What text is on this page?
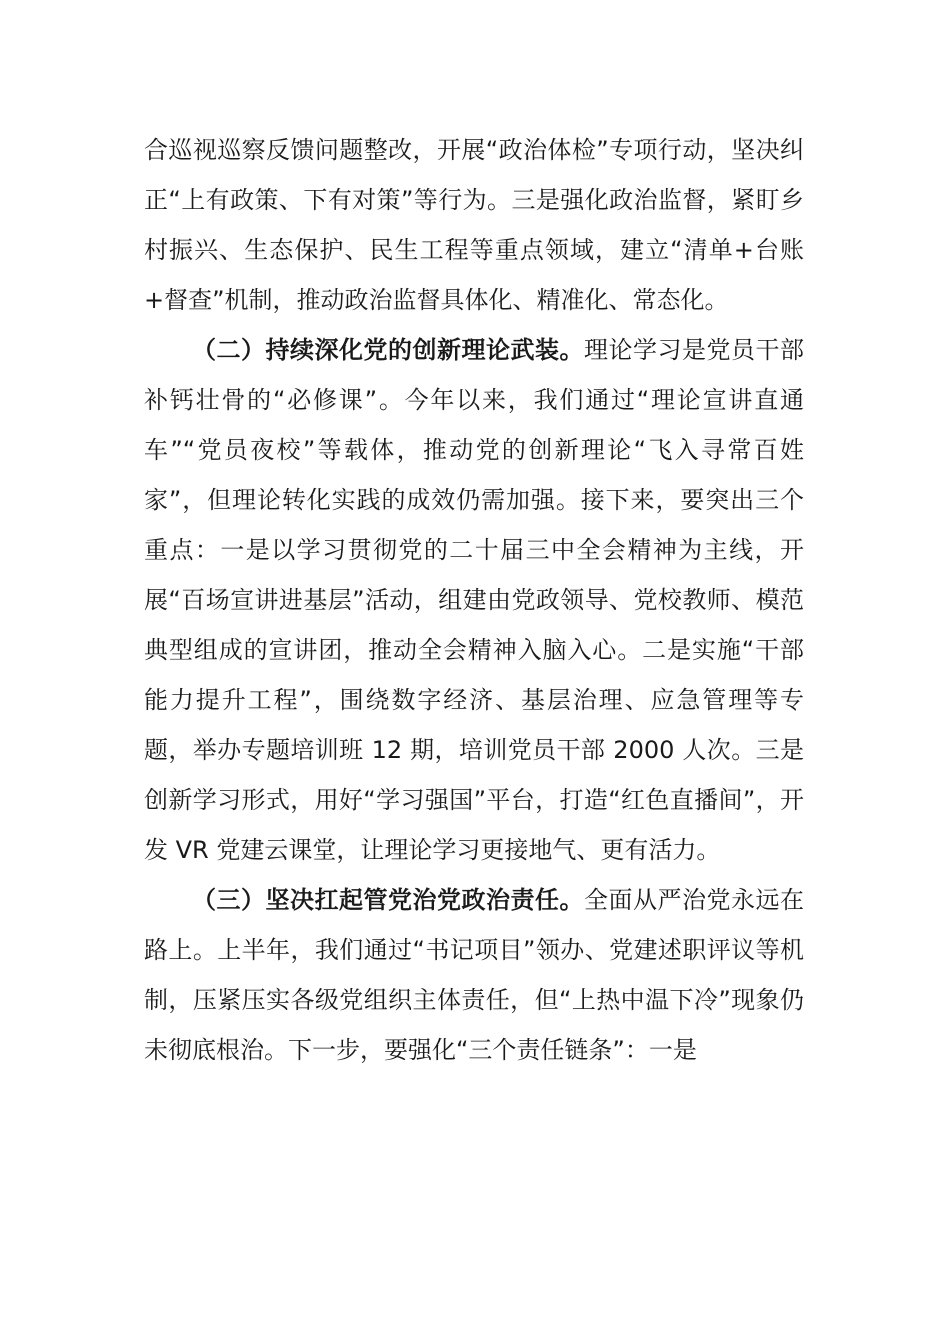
合巡视巡察反馈问题整改，开展“政治体检”专项行动，坚决纠正“上有政策、下有对策”等行为。三是强化政治监督，紧盯乡村振兴、生态保护、民生工程等重点领域，建立“清单+台账+督查”机制，推动政治监督具体化、精准化、常态化。

（二）持续深化党的创新理论武装。理论学习是党员干部补钙壮骨的“必修课”。今年以来，我们通过“理论宣讲直通车”“党员夜校”等载体，推动党的创新理论“飞入寻常百姓家”，但理论转化实践的成效仍需加强。接下来，要突出三个重点：一是以学习贯彻党的二十届三中全会精神为主线，开展“百场宣讲进基层”活动，组建由党政领导、党校教师、模范典型组成的宣讲团，推动全会精神入脑入心。二是实施“干部能力提升工程”，围绕数字经济、基层治理、应急管理等专题，举办专题培训班 12 期，培训党员干部 2000 人次。三是创新学习形式，用好“学习强国”平台，打造“红色直播间”，开发 VR 党建云课堂，让理论学习更接地气、更有活力。

（三）坚决扛起管党治党政治责任。全面从严治党永远在路上。上半年，我们通过“书记项目”领办、党建述职评议等机制，压紧压实各级党组织主体责任，但“上热中温下冷”现象仍未彻底根治。下一步，要强化“三个责任链条”：一是
